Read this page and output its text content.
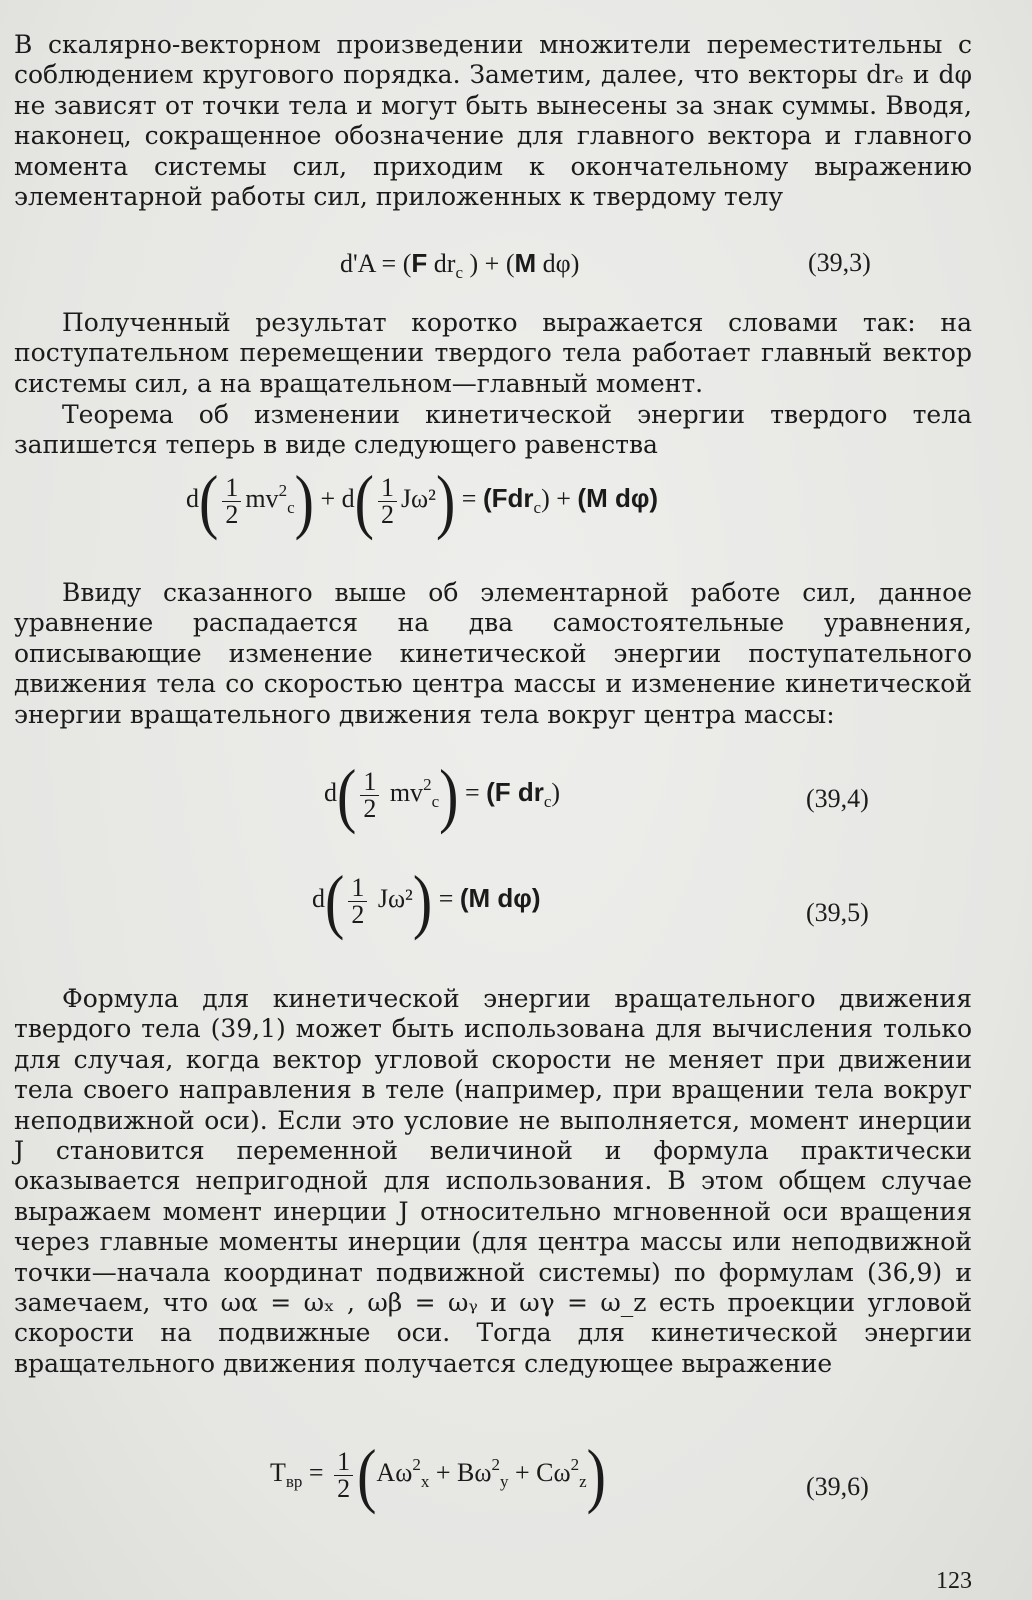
В скалярно-векторном произведении множители переместительны с соблюдением кругового порядка. Заметим, далее, что векторы drₑ и dφ не зависят от точки тела и могут быть вынесены за знак суммы. Вводя, наконец, сокращенное обозначение для главного вектора и главного момента системы сил, приходим к окончательному выражению элементарной работы сил, приложенных к твердому телу

d'A = (F $dr_c$ ) + (M dφ)	(39,3)

Полученный результат коротко выражается словами так: на поступательном перемещении твердого тела работает главный вектор системы сил, а на вращательном—главный момент.

Теорема об изменении кинетической энергии твердого тела запишется теперь в виде следующего равенства

$d( \frac{1}{2} mv^2_c) + d( \frac{1}{2} J\omega^2) = (Fdr_c) + (M$ dφ)

Ввиду сказанного выше об элементарной работе сил, данное уравнение распадается на два самостоятельные уравнения, описывающие изменение кинетической энергии поступательного движения тела со скоростью центра массы и изменение кинетической энергии вращательного движения тела вокруг центра массы:

$d( \frac{1}{2} mv^2_c) = (F$ $dr_c$)	(39,4)
$d( \frac{1}{2} J\omega^2) = (M$ dφ)	(39,5)

Формула для кинетической энергии вращательного движения твердого тела (39,1) может быть использована для вычисления только для случая, когда вектор угловой скорости не меняет при движении тела своего направления в теле (например, при вращении тела вокруг неподвижной оси). Если это условие не выполняется, момент инерции J становится переменной величиной и формула практически оказывается непригодной для использования. В этом общем случае выражаем момент инерции J относительно мгновенной оси вращения через главные моменты инерции (для центра массы или неподвижной точки—начала координат подвижной системы) по формулам (36,9) и замечаем, что ωα = ωₓ , ωβ = ωᵧ и ωγ = ω_z есть проекции угловой скорости на подвижные оси. Тогда для кинетической энергии вращательного движения получается следующее выражение

$T_{вр} = \frac{1}{2} (A\omega^2_x + B\omega^2_y + C\omega^2_z)$	(39,6)
123
